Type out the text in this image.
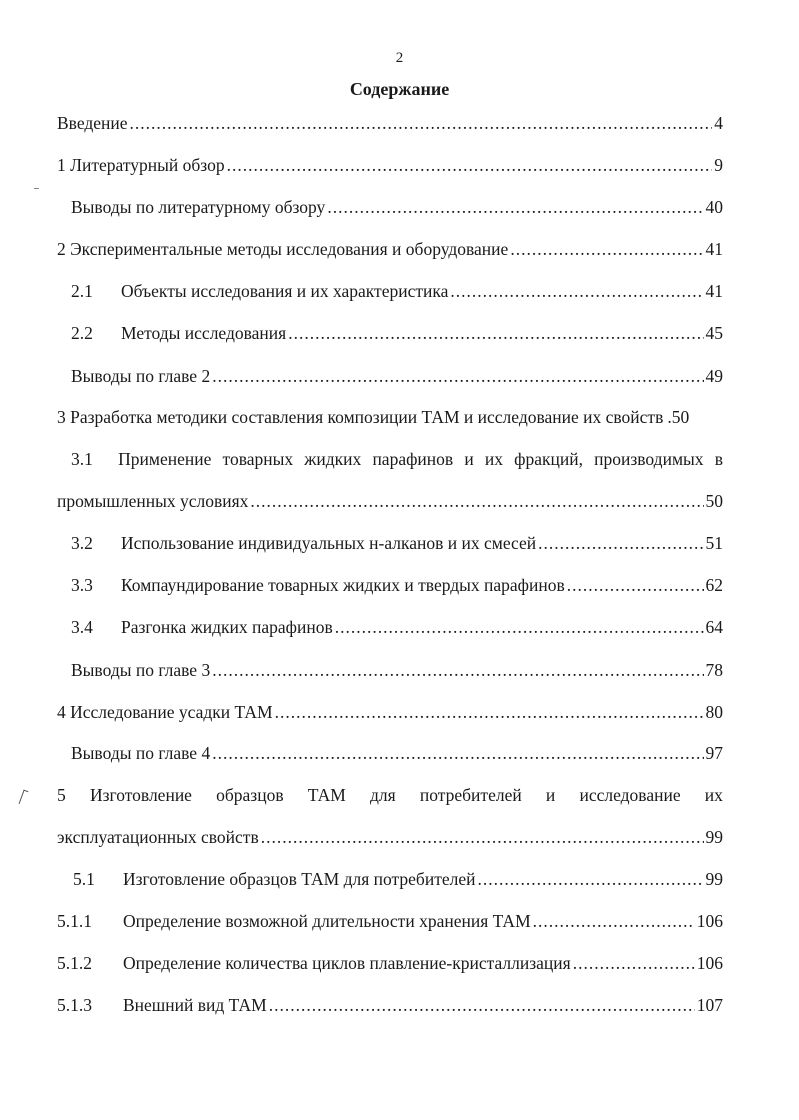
2
Содержание
Введение .....	4
1 Литературный обзор .....	9
Выводы по литературному обзору .....	40
2 Экспериментальные методы исследования и оборудование .....	41
2.1	Объекты исследования и их характеристика .....	41
2.2	Методы исследования .....	45
Выводы по главе 2 .....	49
3 Разработка методики составления композиции ТАМ и исследование их свойств .50
3.1	Применение товарных жидких парафинов и их фракций, производимых в
промышленных условиях .....	50
3.2	Использование индивидуальных н-алканов и их смесей .....	51
3.3	Компаундирование товарных жидких и твердых парафинов .....	62
3.4	Разгонка жидких парафинов .....	64
Выводы по главе 3 .....	78
4 Исследование усадки ТАМ .....	80
Выводы по главе 4 .....	97
5 Изготовление образцов ТАМ для потребителей и исследование их
эксплуатационных свойств .....	99
5.1	Изготовление образцов ТАМ для потребителей .....	99
5.1.1	Определение возможной длительности хранения ТАМ .....	106
5.1.2	Определение количества циклов плавление-кристаллизация .....	106
5.1.3	Внешний вид ТАМ .....	107
